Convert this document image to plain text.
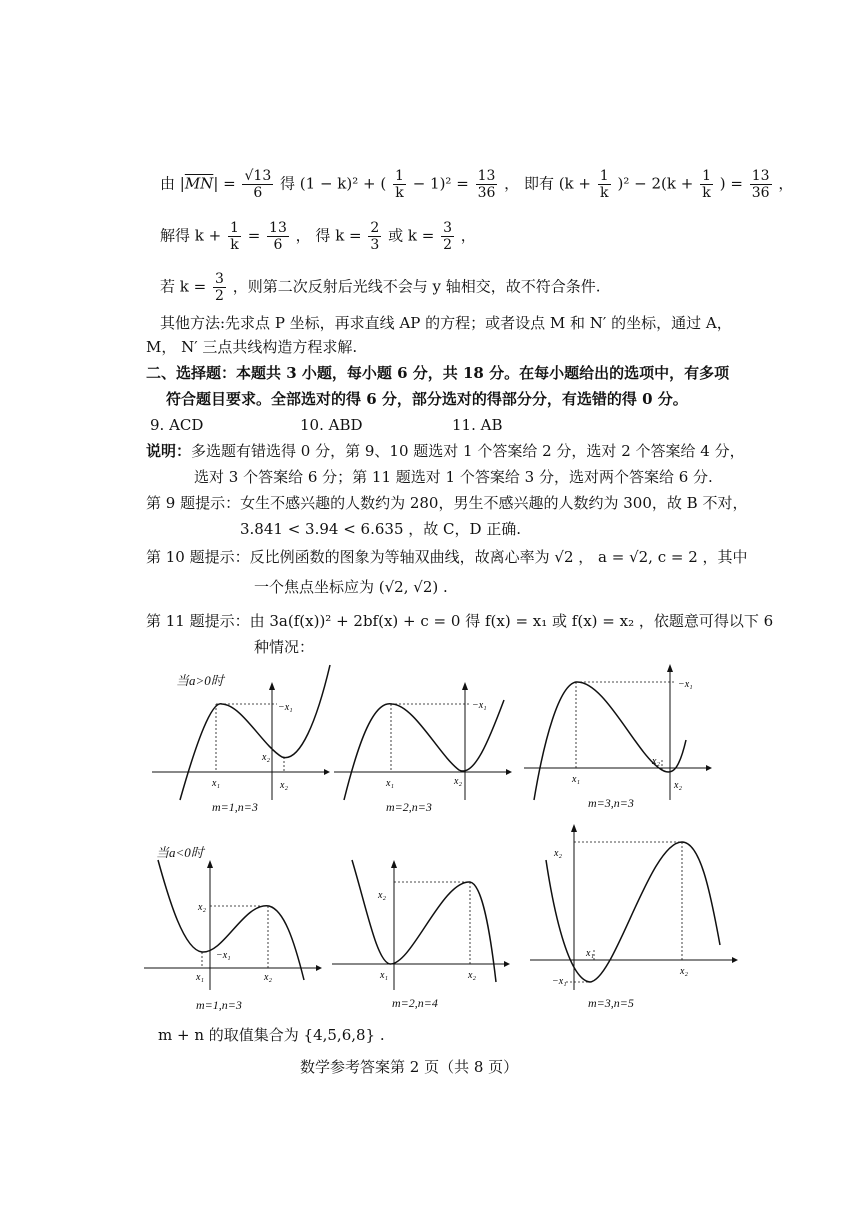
由 $|\overline{MN}| = \frac{√13}{6}$ 得 (1 − k)² + ( $\frac{1}{k} - 1)^2 = \frac{13}{36}$ ， 即有 $(k + \frac{1}{k} )^2 - 2(k + \frac{1}{k}$ ) = $\frac{13}{36}$ ，
解得 $k + \frac{1}{k} = \frac{13}{6}$ ， 得 $k = \frac{2}{3}$ 或 $k = \frac{3}{2}$ ，
若 $k = \frac{3}{2}$ ，则第二次反射后光线不会与 y 轴相交，故不符合条件.
其他方法:先求点 P 坐标，再求直线 AP 的方程；或者设点 M 和 N′ 的坐标，通过 A，
M， N′ 三点共线构造方程求解.
二、选择题：本题共 3 小题，每小题 6 分，共 18 分。在每小题给出的选项中，有多项
符合题目要求。全部选对的得 6 分，部分选对的得部分分，有选错的得 0 分。
9. ACD	10. ABD	11. AB
说明：多选题有错选得 0 分，第 9、10 题选对 1 个答案给 2 分，选对 2 个答案给 4 分，
选对 3 个答案给 6 分；第 11 题选对 1 个答案给 3 分，选对两个答案给 6 分.
第 9 题提示：女生不感兴趣的人数约为 280，男生不感兴趣的人数约为 300，故 B 不对，
3.841 < 3.94 < 6.635 ，故 C，D 正确.
第 10 题提示：反比例函数的图象为等轴双曲线，故离心率为 √2 ， a = √2, c = 2 ，其中
一个焦点坐标应为 (√2, √2) .
第 11 题提示：由 3a(f(x))² + 2bf(x) + c = 0 得 f(x) = x₁ 或 f(x) = x₂ ，依题意可得以下 6
种情况：
当a>0时
x₁	x₂
x₂
−x₁
m=1,n=3
x₁	x₂
−x₁
m=2,n=3
x₁
x₂
x₂
−x₁
m=3,n=3
当a<0时
x₂
−x₁
x₁	x₂
m=1,n=3
x₂
x₁	x₂
m=2,n=4
x₂
x₁
x₂
−x₁
m=3,n=5
m + n 的取值集合为 {4,5,6,8} .
数学参考答案第 2 页（共 8 页）
